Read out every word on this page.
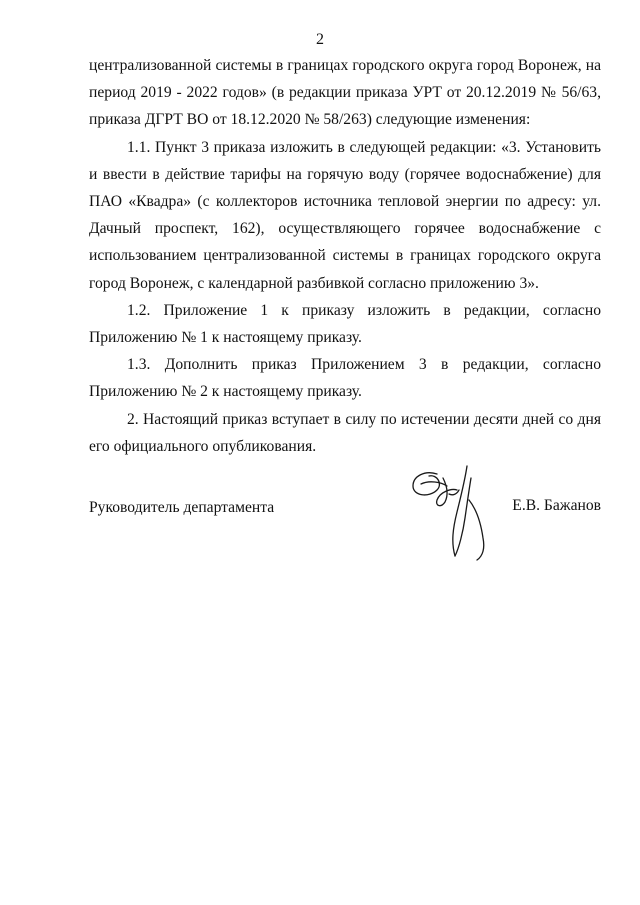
2

централизованной системы в границах городского округа город Воронеж, на период 2019 - 2022 годов» (в редакции приказа УРТ от 20.12.2019 № 56/63, приказа ДГРТ ВО от 18.12.2020 № 58/263) следующие изменения:

1.1. Пункт 3 приказа изложить в следующей редакции: «3. Установить и ввести в действие тарифы на горячую воду (горячее водоснабжение) для ПАО «Квадра» (с коллекторов источника тепловой энергии по адресу: ул. Дачный проспект, 162), осуществляющего горячее водоснабжение с использованием централизованной системы в границах городского округа город Воронеж, с календарной разбивкой согласно приложению 3».

1.2. Приложение 1 к приказу изложить в редакции, согласно Приложению № 1 к настоящему приказу.

1.3. Дополнить приказ Приложением 3 в редакции, согласно Приложению № 2 к настоящему приказу.

2. Настоящий приказ вступает в силу по истечении десяти дней со дня его официального опубликования.

Руководитель департамента	Е.В. Бажанов
